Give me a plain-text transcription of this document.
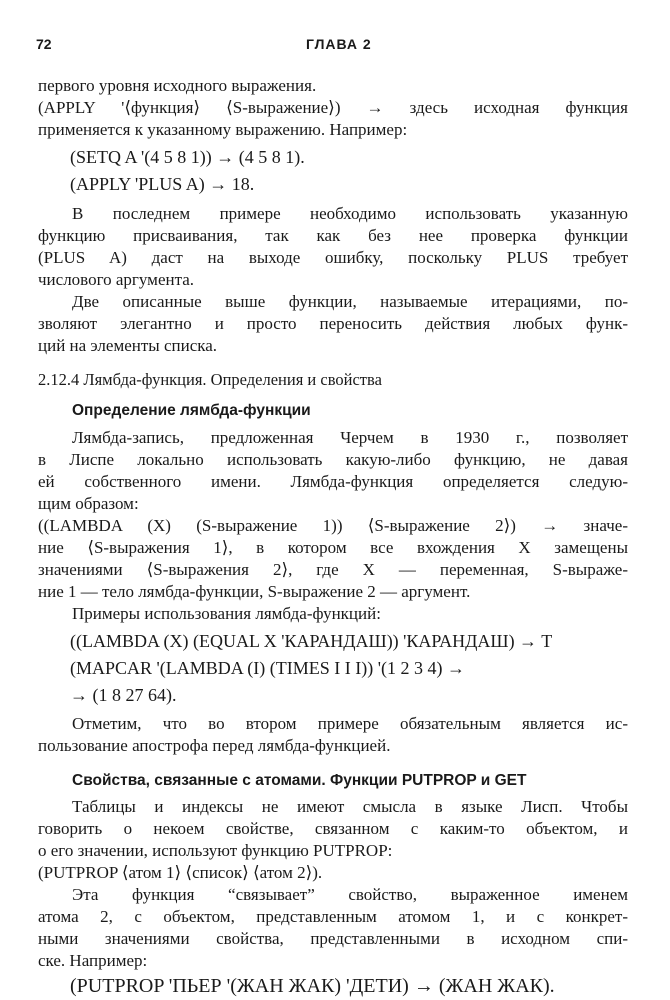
72	ГЛАВА 2
первого уровня исходного выражения.
(APPLY '⟨функция⟩ ⟨S-выражение⟩) → здесь исходная функция
применяется к указанному выражению. Например:
(SETQ A '(4 5 8 1)) → (4 5 8 1).
(APPLY 'PLUS A) → 18.
В последнем примере необходимо использовать указанную
функцию присваивания, так как без нее проверка функции
(PLUS A) даст на выходе ошибку, поскольку PLUS требует
числового аргумента.
Две описанные выше функции, называемые итерациями, по-
зволяют элегантно и просто переносить действия любых функ-
ций на элементы списка.
2.12.4 Лямбда-функция. Определения и свойства
Определение лямбда-функции
Лямбда-запись, предложенная Черчем в 1930 г., позволяет
в Лиспе локально использовать какую-либо функцию, не давая
ей собственного имени. Лямбда-функция определяется следую-
щим образом:
((LAMBDA (X) (S-выражение 1)) ⟨S-выражение 2⟩) → значе-
ние ⟨S-выражения 1⟩, в котором все вхождения X замещены
значениями ⟨S-выражения 2⟩, где X — переменная, S-выраже-
ние 1 — тело лямбда-функции, S-выражение 2 — аргумент.
Примеры использования лямбда-функций:
((LAMBDA (X) (EQUAL X 'КАРАНДАШ)) 'КАРАНДАШ) → T
(MAPCAR '(LAMBDA (I) (TIMES I I I)) '(1 2 3 4) →
→ (1 8 27 64).
Отметим, что во втором примере обязательным является ис-
пользование апострофа перед лямбда-функцией.
Свойства, связанные с атомами. Функции PUTPROP и GET
Таблицы и индексы не имеют смысла в языке Лисп. Чтобы
говорить о некоем свойстве, связанном с каким-то объектом, и
о его значении, используют функцию PUTPROP:
(PUTPROP ⟨атом 1⟩ ⟨список⟩ ⟨атом 2⟩).
Эта функция “связывает” свойство, выраженное именем
атома 2, с объектом, представленным атомом 1, и с конкрет-
ными значениями свойства, представленными в исходном спи-
ске. Например:
(PUTPROP 'ПЬЕР '(ЖАН ЖАК) 'ДЕТИ) → (ЖАН ЖАК).
